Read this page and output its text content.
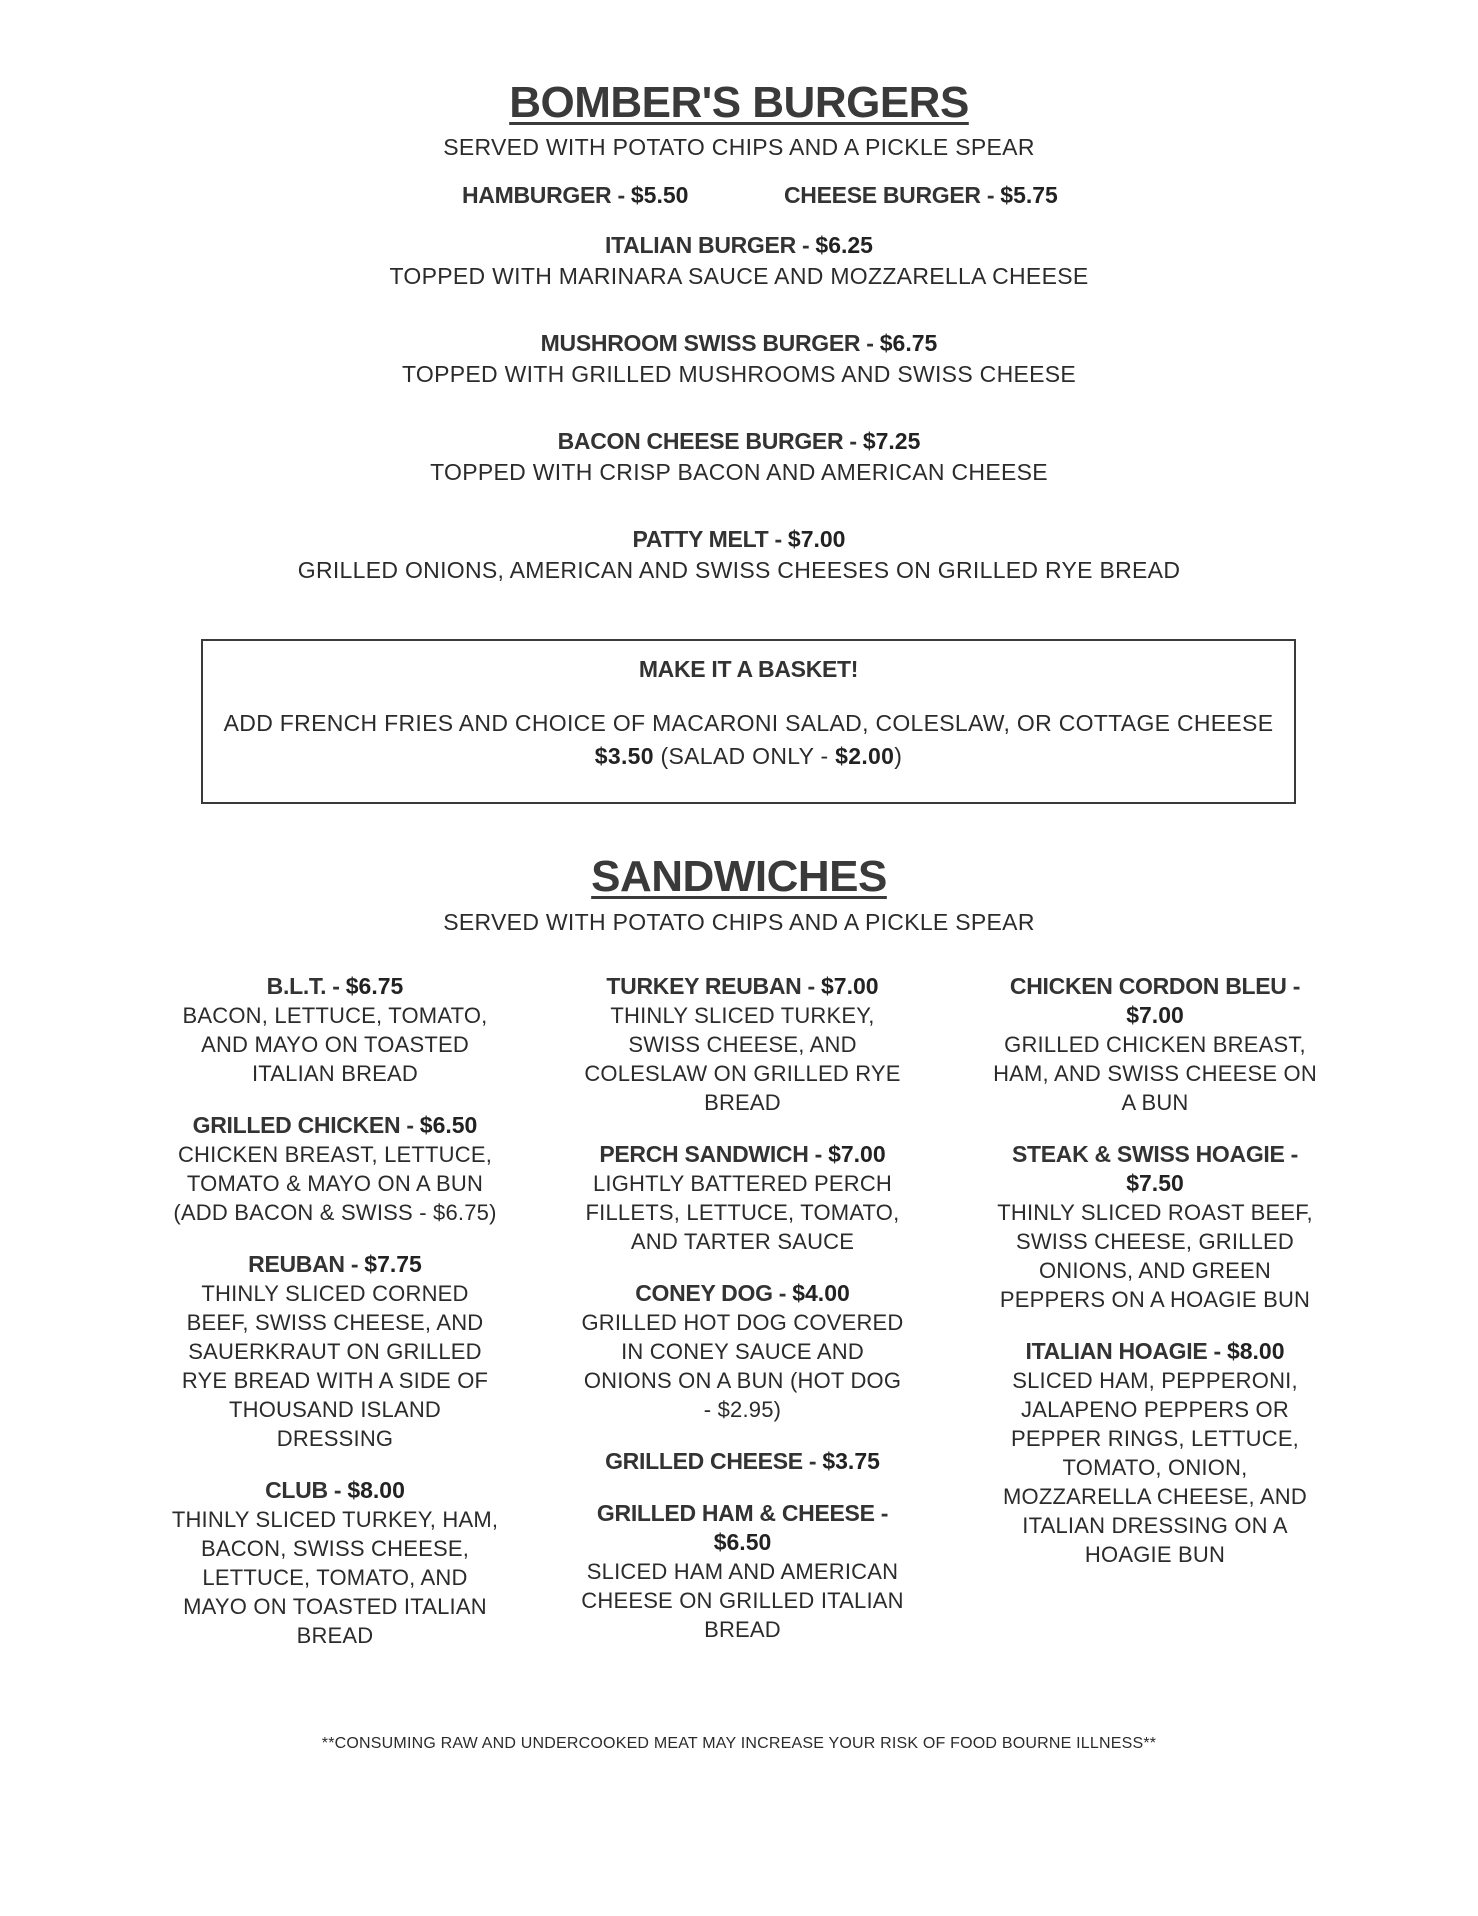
BOMBER'S BURGERS
SERVED WITH POTATO CHIPS AND A PICKLE SPEAR
HAMBURGER - $5.50	CHEESE BURGER - $5.75
ITALIAN BURGER - $6.25
TOPPED WITH MARINARA SAUCE AND MOZZARELLA CHEESE
MUSHROOM SWISS BURGER - $6.75
TOPPED WITH GRILLED MUSHROOMS AND SWISS CHEESE
BACON CHEESE BURGER - $7.25
TOPPED WITH CRISP BACON AND AMERICAN CHEESE
PATTY MELT - $7.00
GRILLED ONIONS, AMERICAN AND SWISS CHEESES ON GRILLED RYE BREAD
MAKE IT A BASKET!
ADD FRENCH FRIES AND CHOICE OF MACARONI SALAD, COLESLAW, OR COTTAGE CHEESE
$3.50 (SALAD ONLY - $2.00)
SANDWICHES
SERVED WITH POTATO CHIPS AND A PICKLE SPEAR
B.L.T. - $6.75
BACON, LETTUCE, TOMATO, AND MAYO ON TOASTED ITALIAN BREAD
GRILLED CHICKEN - $6.50
CHICKEN BREAST, LETTUCE, TOMATO & MAYO ON A BUN (ADD BACON & SWISS - $6.75)
REUBAN - $7.75
THINLY SLICED CORNED BEEF, SWISS CHEESE, AND SAUERKRAUT ON GRILLED RYE BREAD WITH A SIDE OF THOUSAND ISLAND DRESSING
CLUB - $8.00
THINLY SLICED TURKEY, HAM, BACON, SWISS CHEESE, LETTUCE, TOMATO, AND MAYO ON TOASTED ITALIAN BREAD
TURKEY REUBAN - $7.00
THINLY SLICED TURKEY, SWISS CHEESE, AND COLESLAW ON GRILLED RYE BREAD
PERCH SANDWICH - $7.00
LIGHTLY BATTERED PERCH FILLETS, LETTUCE, TOMATO, AND TARTER SAUCE
CONEY DOG - $4.00
GRILLED HOT DOG COVERED IN CONEY SAUCE AND ONIONS ON A BUN (HOT DOG - $2.95)
GRILLED CHEESE - $3.75
GRILLED HAM & CHEESE - $6.50
SLICED HAM AND AMERICAN CHEESE ON GRILLED ITALIAN BREAD
CHICKEN CORDON BLEU - $7.00
GRILLED CHICKEN BREAST, HAM, AND SWISS CHEESE ON A BUN
STEAK & SWISS HOAGIE - $7.50
THINLY SLICED ROAST BEEF, SWISS CHEESE, GRILLED ONIONS, AND GREEN PEPPERS ON A HOAGIE BUN
ITALIAN HOAGIE - $8.00
SLICED HAM, PEPPERONI, JALAPENO PEPPERS OR PEPPER RINGS, LETTUCE, TOMATO, ONION, MOZZARELLA CHEESE, AND ITALIAN DRESSING ON A HOAGIE BUN
**CONSUMING RAW AND UNDERCOOKED MEAT MAY INCREASE YOUR RISK OF FOOD BOURNE ILLNESS**
